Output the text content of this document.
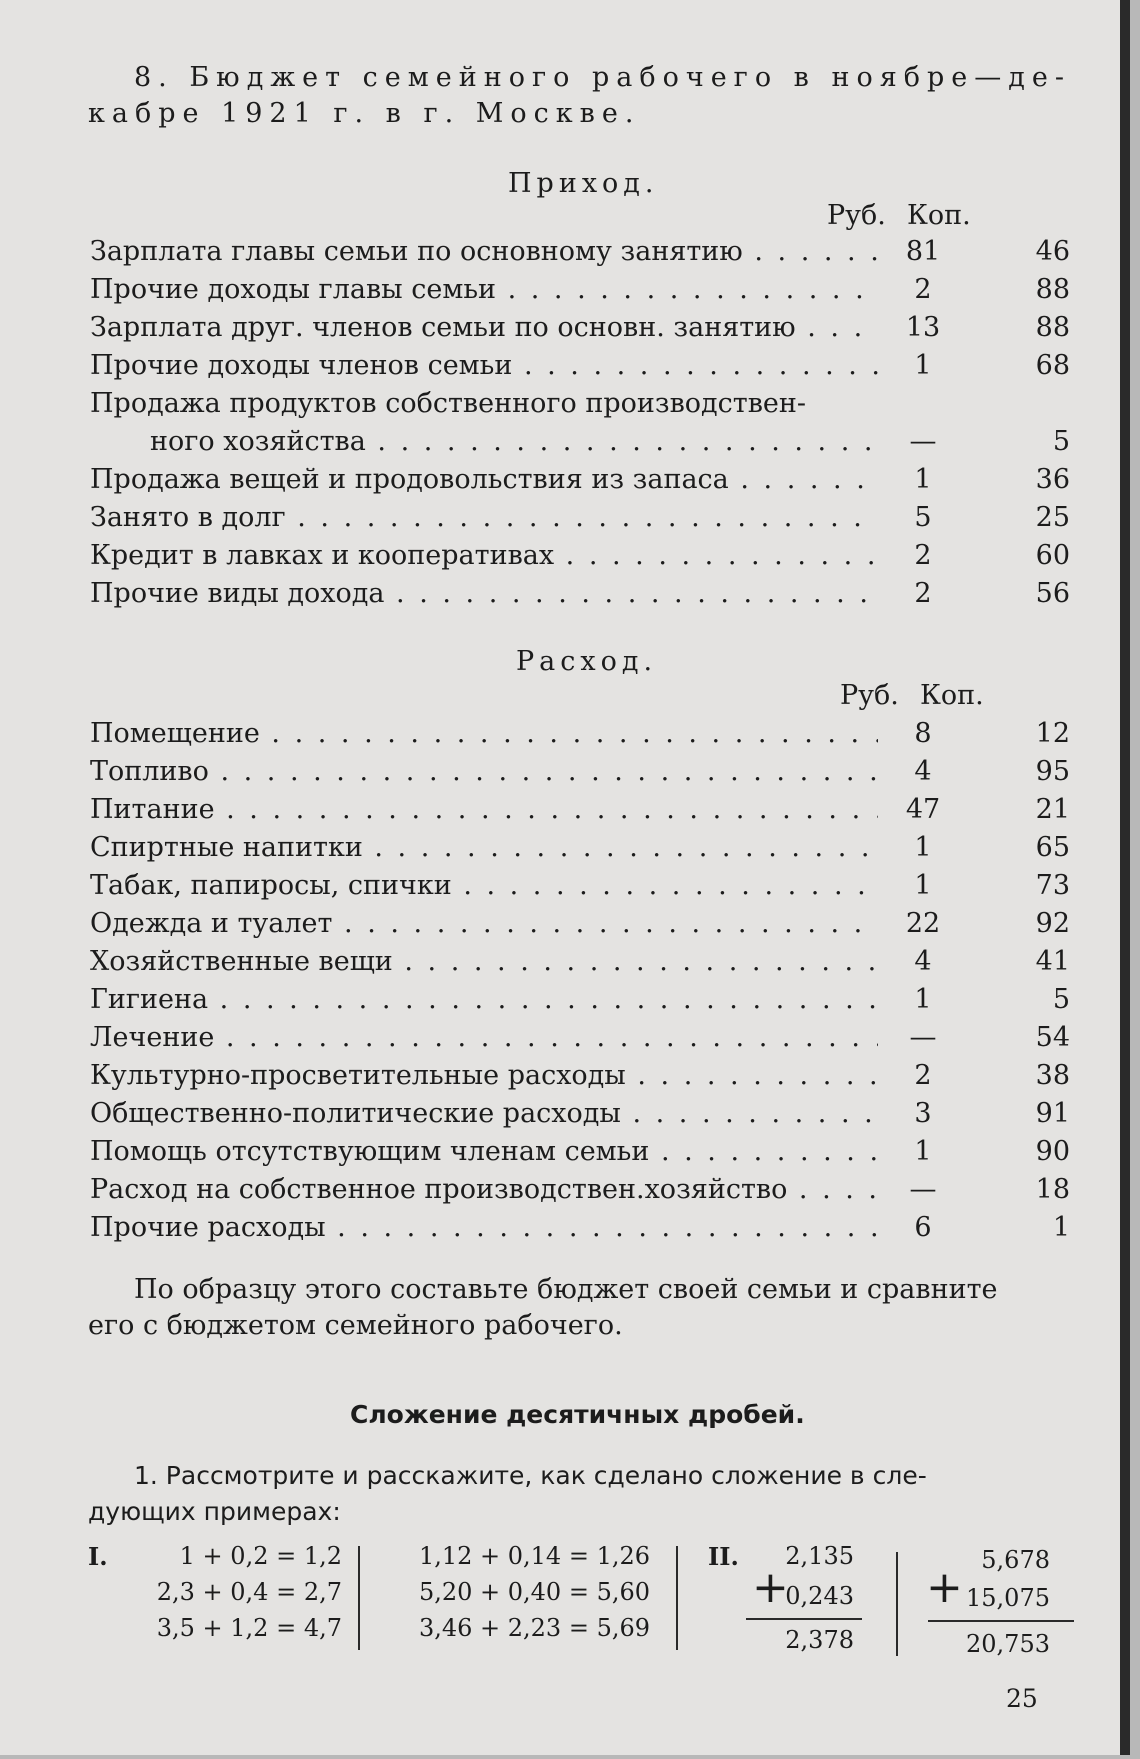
8. Бюджет семейного рабочего в ноябре—де-
кабре 1921 г. в г. Москве.
Приход.
Руб. Коп.
Зарплата главы семьи по основному занятию . . .	81	46
Прочие доходы главы семьи . . .	2	88
Зарплата друг. членов семьи по основн. занятию . . .	13	88
Прочие доходы членов семьи . . .	1	68
Продажа продуктов собственного производствен-
ного хозяйства . . .	—	5
Продажа вещей и продовольствия из запаса . . .	1	36
Занято в долг . . .	5	25
Кредит в лавках и кооперативах . . .	2	60
Прочие виды дохода . . .	2	56
Расход.
Руб. Коп.
Помещение . . .	8	12
Топливо . . .	4	95
Питание . . .	47	21
Спиртные напитки . . .	1	65
Табак, папиросы, спички . . .	1	73
Одежда и туалет . . .	22	92
Хозяйственные вещи . . .	4	41
Гигиена . . .	1	5
Лечение . . .	—	54
Культурно-просветительные расходы . . .	2	38
Общественно-политические расходы . . .	3	91
Помощь отсутствующим членам семьи . . .	1	90
Расход на собственное производствен.хозяйство . . .	—	18
Прочие расходы . . .	6	1
По образцу этого составьте бюджет своей семьи и сравните
его с бюджетом семейного рабочего.
Сложение десятичных дробей.
1. Рассмотрите и расскажите, как сделано сложение в сле-
дующих примерах:
I.	1 + 0,2 = 1,2
2,3 + 0,4 = 2,7
3,5 + 1,2 = 4,7
1,12 + 0,14 = 1,26
5,20 + 0,40 = 5,60
3,46 + 2,23 = 5,69
II.
+
2,135
0,243
2,378
+
5,678
15,075
20,753
25
